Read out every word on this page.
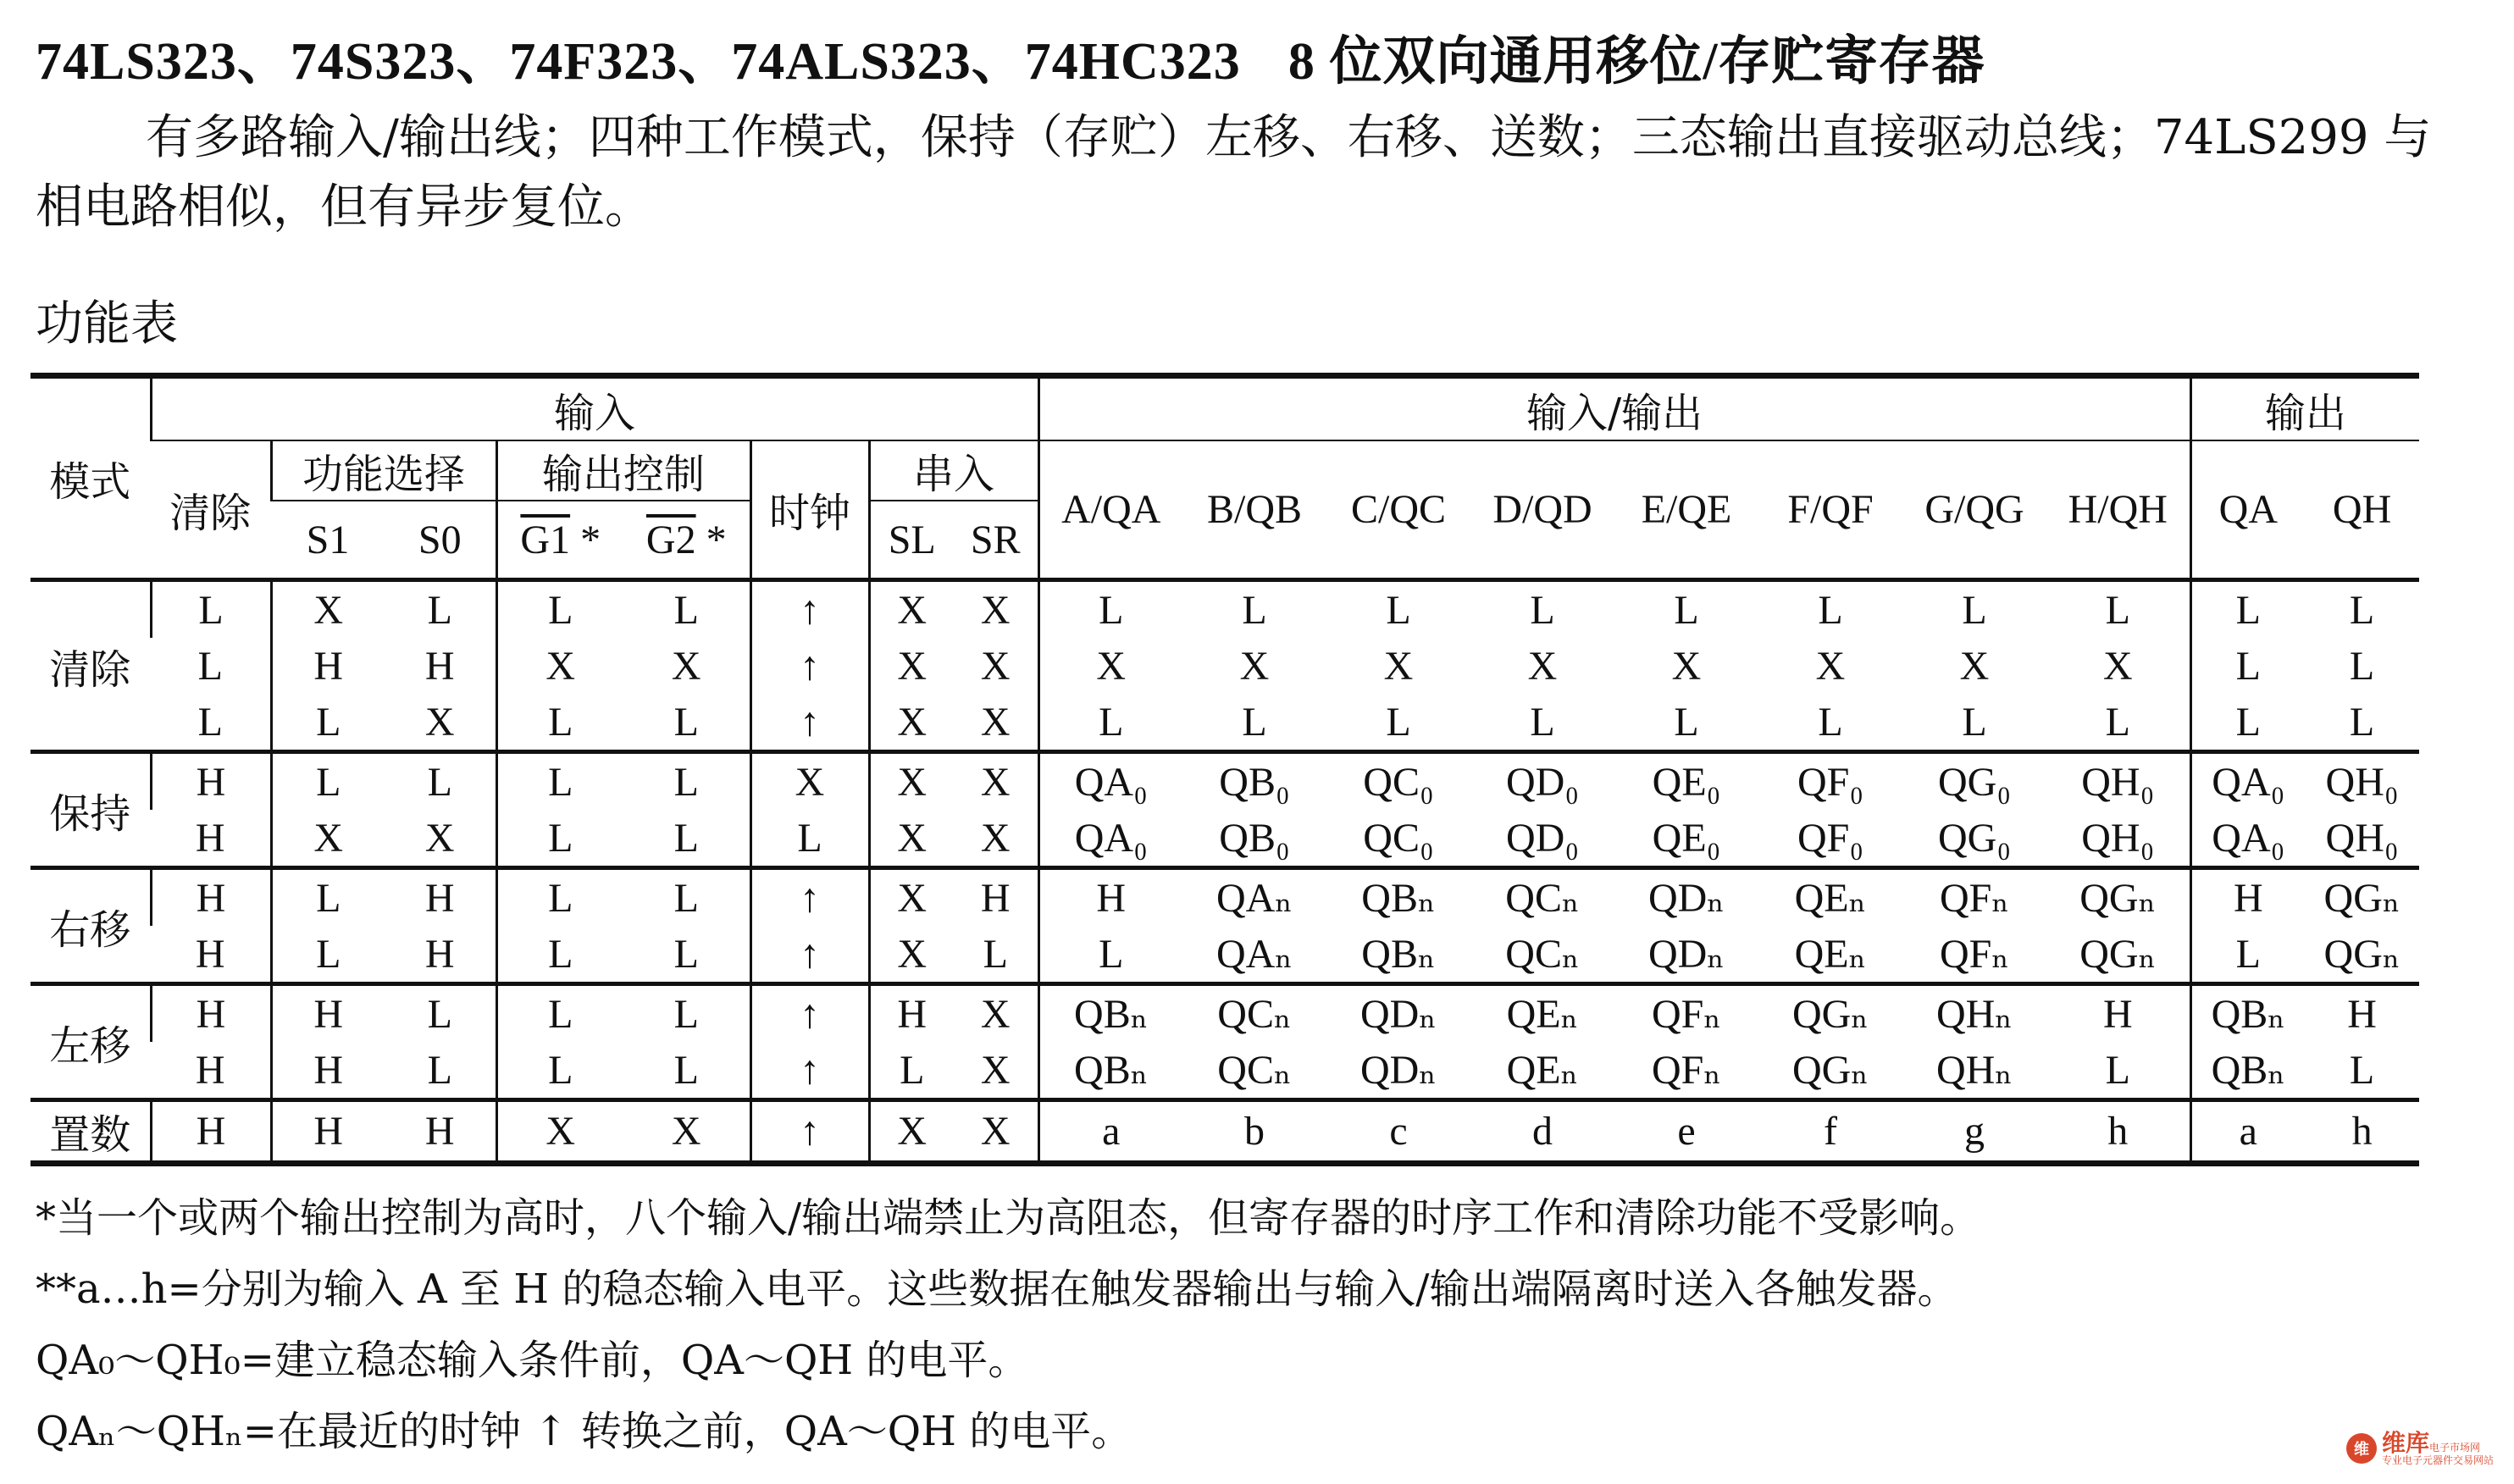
74LS323、74S323、74F323、74ALS323、74HC323 8 位双向通用移位/存贮寄存器

有多路输入/输出线；四种工作模式，保持（存贮）左移、右移、送数；三态输出直接驱动总线；74LS299 与相电路相似，但有异步复位。

功能表

模式	输入								输入/输出								输出	
	清除	功能选择		输出控制		时钟	串入		A/QA	B/QB	C/QC	D/QD	E/QE	F/QF	G/QG	H/QH	QA	QH
		S1	S0	G1 *	G2 *		SL	SR										
清除	L	X	L	L	L	↑	X	X	L	L	L	L	L	L	L	L	L	L
	L	H	H	X	X	↑	X	X	X	X	X	X	X	X	X	X	L	L
	L	L	X	L	L	↑	X	X	L	L	L	L	L	L	L	L	L	L
保持	H	L	L	L	L	X	X	X	QA₀	QB₀	QC₀	QD₀	QE₀	QF₀	QG₀	QH₀	QA₀	QH₀
	H	X	X	L	L	L	X	X	QA₀	QB₀	QC₀	QD₀	QE₀	QF₀	QG₀	QH₀	QA₀	QH₀
右移	H	L	H	L	L	↑	X	H	H	QAₙ	QBₙ	QCₙ	QDₙ	QEₙ	QFₙ	QGₙ	H	QGₙ
	H	L	H	L	L	↑	X	L	L	QAₙ	QBₙ	QCₙ	QDₙ	QEₙ	QFₙ	QGₙ	L	QGₙ
左移	H	H	L	L	L	↑	H	X	QBₙ	QCₙ	QDₙ	QEₙ	QFₙ	QGₙ	QHₙ	H	QBₙ	H
	H	H	L	L	L	↑	L	X	QBₙ	QCₙ	QDₙ	QEₙ	QFₙ	QGₙ	QHₙ	L	QBₙ	L
置数	H	H	H	X	X	↑	X	X	a	b	c	d	e	f	g	h	a	h

*当一个或两个输出控制为高时，八个输入/输出端禁止为高阻态，但寄存器的时序工作和清除功能不受影响。

**a…h=分别为输入 A 至 H 的稳态输入电平。这些数据在触发器输出与输入/输出端隔离时送入各触发器。

QA₀～QH₀=建立稳态输入条件前，QA～QH 的电平。

QAₙ～QHₙ=在最近的时钟 ↑ 转换之前，QA～QH 的电平。	维 维库电子市场网
专业电子元器件交易网站
